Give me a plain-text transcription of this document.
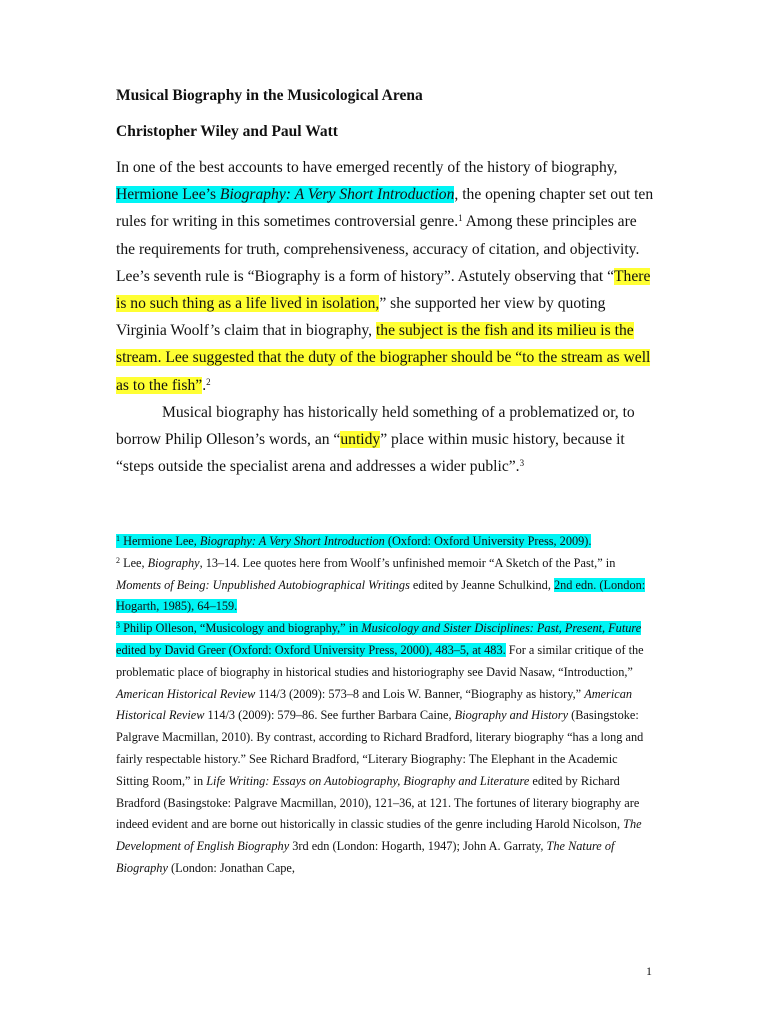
Musical Biography in the Musicological Arena
Christopher Wiley and Paul Watt

In one of the best accounts to have emerged recently of the history of biography, Hermione Lee’s Biography: A Very Short Introduction, the opening chapter set out ten rules for writing in this sometimes controversial genre.$^1$ Among these principles are the requirements for truth, comprehensiveness, accuracy of citation, and objectivity. Lee’s seventh rule is “Biography is a form of history”. Astutely observing that “There is no such thing as a life lived in isolation,” she supported her view by quoting Virginia Woolf’s claim that in biography, the subject is the fish and its milieu is the stream. Lee suggested that the duty of the biographer should be “to the stream as well as to the fish”.$^2$

Musical biography has historically held something of a problematized or, to borrow Philip Olleson’s words, an “untidy” place within music history, because it “steps outside the specialist arena and addresses a wider public”.$^3$

$^1$ Hermione Lee, Biography: A Very Short Introduction (Oxford: Oxford University Press, 2009).

$^2$ Lee, Biography, 13–14. Lee quotes here from Woolf’s unfinished memoir “A Sketch of the Past,” in Moments of Being: Unpublished Autobiographical Writings edited by Jeanne Schulkind, 2nd edn. (London: Hogarth, 1985), 64–159.

$^3$ Philip Olleson, “Musicology and biography,” in Musicology and Sister Disciplines: Past, Present, Future edited by David Greer (Oxford: Oxford University Press, 2000), 483–5, at 483. For a similar critique of the problematic place of biography in historical studies and historiography see David Nasaw, “Introduction,” American Historical Review 114/3 (2009): 573–8 and Lois W. Banner, “Biography as history,” American Historical Review 114/3 (2009): 579–86. See further Barbara Caine, Biography and History (Basingstoke: Palgrave Macmillan, 2010). By contrast, according to Richard Bradford, literary biography “has a long and fairly respectable history.” See Richard Bradford, “Literary Biography: The Elephant in the Academic Sitting Room,” in Life Writing: Essays on Autobiography, Biography and Literature edited by Richard Bradford (Basingstoke: Palgrave Macmillan, 2010), 121–36, at 121. The fortunes of literary biography are indeed evident and are borne out historically in classic studies of the genre including Harold Nicolson, The Development of English Biography 3rd edn (London: Hogarth, 1947); John A. Garraty, The Nature of Biography (London: Jonathan Cape,

1
